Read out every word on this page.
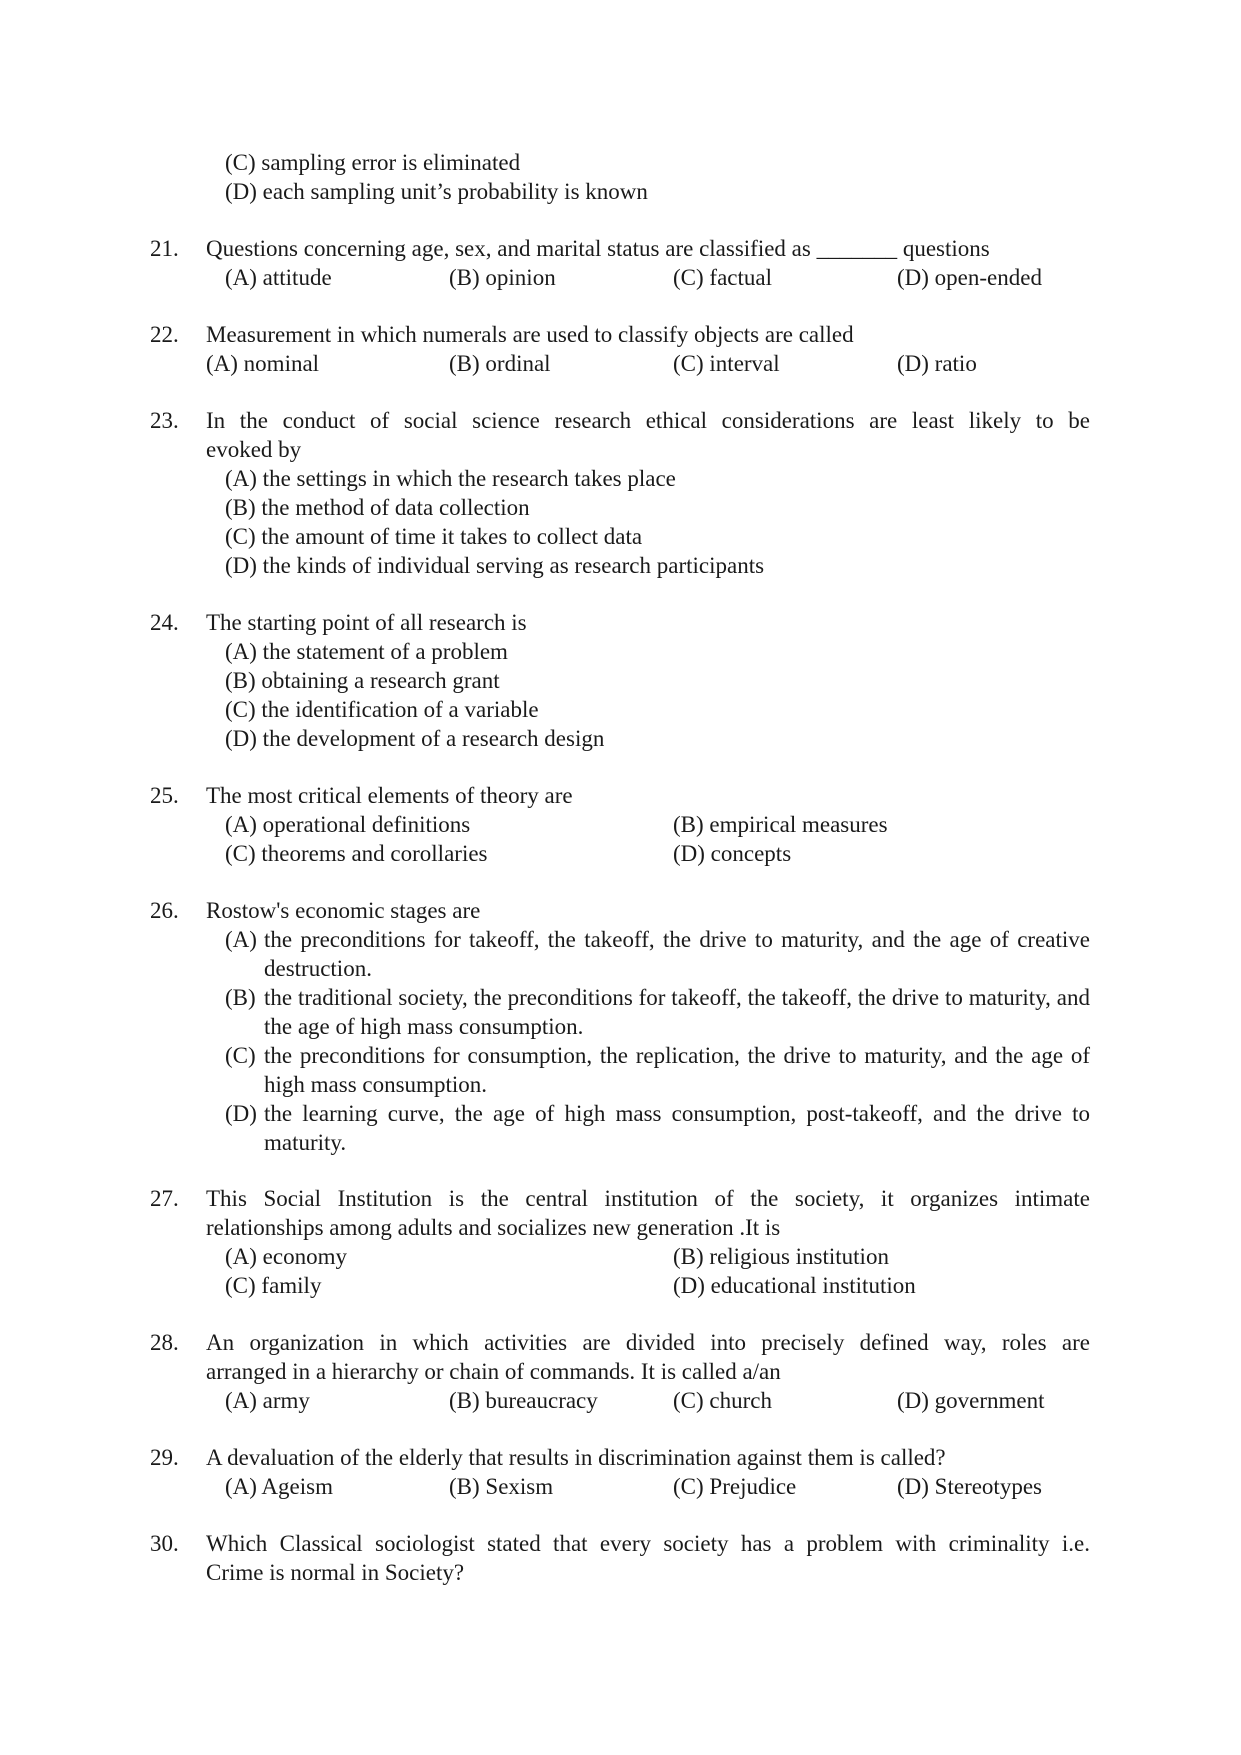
(C) sampling error is eliminated
(D) each sampling unit’s probability is known
21. Questions concerning age, sex, and marital status are classified as _______ questions
(A) attitude	(B) opinion	(C) factual	(D) open-ended
22. Measurement in which numerals are used to classify objects are called
(A) nominal	(B) ordinal	(C) interval	(D) ratio
23. In the conduct of social science research ethical considerations are least likely to be
evoked by
(A) the settings in which the research takes place
(B) the method of data collection
(C) the amount of time it takes to collect data
(D) the kinds of individual serving as research participants
24. The starting point of all research is
(A) the statement of a problem
(B) obtaining a research grant
(C) the identification of a variable
(D) the development of a research design
25. The most critical elements of theory are
(A) operational definitions	(B) empirical measures
(C) theorems and corollaries	(D) concepts
26. Rostow's economic stages are
(A) the preconditions for takeoff, the takeoff, the drive to maturity, and the age of creative destruction.
(B) the traditional society, the preconditions for takeoff, the takeoff, the drive to maturity, and the age of high mass consumption.
(C) the preconditions for consumption, the replication, the drive to maturity, and the age of high mass consumption.
(D) the learning curve, the age of high mass consumption, post-takeoff, and the drive to maturity.
27. This Social Institution is the central institution of the society, it organizes intimate
relationships among adults and socializes new generation .It is
(A) economy	(B) religious institution
(C) family	(D) educational institution
28. An organization in which activities are divided into precisely defined way, roles are
arranged in a hierarchy or chain of commands. It is called a/an
(A) army	(B) bureaucracy	(C) church	(D) government
29. A devaluation of the elderly that results in discrimination against them is called?
(A) Ageism	(B) Sexism	(C) Prejudice	(D) Stereotypes
30. Which Classical sociologist stated that every society has a problem with criminality i.e.
Crime is normal in Society?
